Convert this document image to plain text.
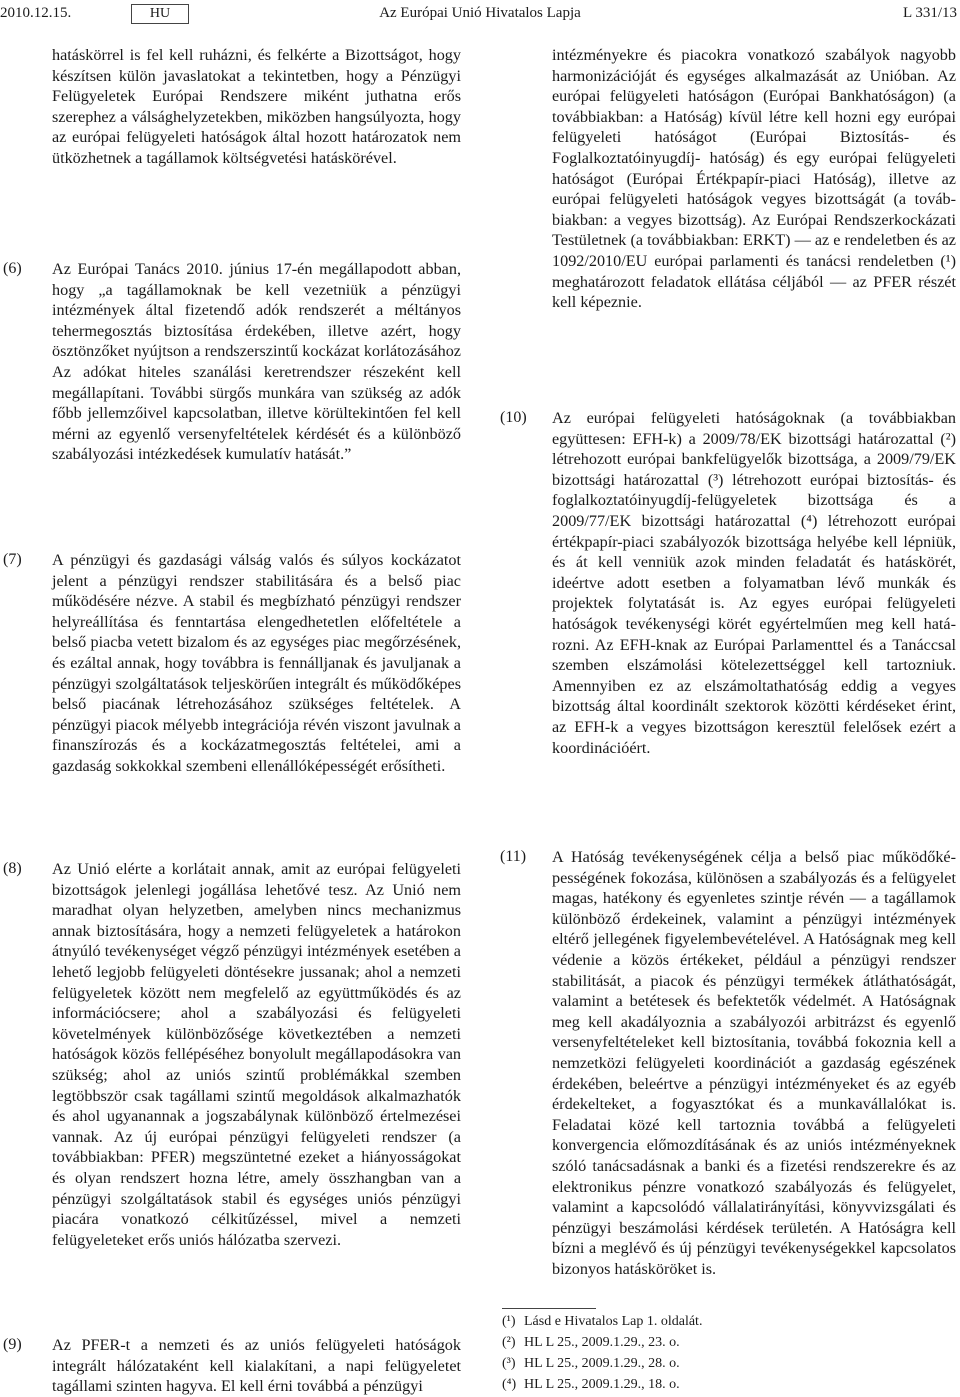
2010.12.15.	HU	Az Európai Unió Hivatalos Lapja	L 331/13
hatáskörrel is fel kell ruházni, és felkérte a Bizottságot, hogy készítsen külön javaslatokat a tekintetben, hogy a Pénzügyi Felügyeletek Európai Rendszere miként juthatna erős szerephez a válsághelyzetekben, miközben hangsúlyozta, hogy az európai felügyeleti hatóságok által hozott határozatok nem ütközhetnek a tagállamok költségvetési hatáskörével.
(6) Az Európai Tanács 2010. június 17-én megállapodott abban, hogy „a tagállamoknak be kell vezetniük a pénzügyi intézmények által fizetendő adók rendszerét a méltányos tehermegosztás biztosítása érdekében, illetve azért, hogy ösztönzőket nyújtson a rendszerszintű kockázat korlátozásához Az adókat hiteles szanálási keretrendszer részeként kell megállapítani. További sürgős munkára van szükség az adók főbb jellemzőivel kapcsolatban, illetve körültekintően fel kell mérni az egyenlő versenyfeltételek kérdését és a különböző szabályozási intézkedések kumulatív hatását.”
(7) A pénzügyi és gazdasági válság valós és súlyos kockázatot jelent a pénzügyi rendszer stabilitására és a belső piac működésére nézve. A stabil és megbízható pénzügyi rendszer helyreállítása és fenntartása elengedhetetlen előfeltétele a belső piacba vetett bizalom és az egységes piac megőrzésének, és ezáltal annak, hogy továbbra is fennálljanak és javuljanak a pénzügyi szolgáltatások teljeskörűen integrált és működőképes belső piacának létrehozásához szükséges feltételek. A pénzügyi piacok mélyebb integrációja révén viszont javulnak a finanszírozás és a kockázatmegosztás feltételei, ami a gazdaság sokkokkal szembeni ellenállóképességét erősítheti.
(8) Az Unió elérte a korlátait annak, amit az európai felügyeleti bizottságok jelenlegi jogállása lehetővé tesz. Az Unió nem maradhat olyan helyzetben, amelyben nincs mechanizmus annak biztosítására, hogy a nemzeti felügyeletek a határokon átnyúló tevékenységet végző pénzügyi intézmények esetében a lehető legjobb felügyeleti döntésekre jussanak; ahol a nemzeti felügyeletek között nem megfelelő az együttműködés és az információcsere; ahol a szabályozási és felügyeleti követelmények különbözősége következtében a nemzeti hatóságok közös fellépéséhez bonyolult megállapodásokra van szükség; ahol az uniós szintű problémákkal szemben legtöbbször csak tagállami szintű megoldások alkalmazhatók és ahol ugyanannak a jogszabálynak különböző értelmezései vannak. Az új európai pénzügyi felügyeleti rendszer (a továbbiakban: PFER) megszüntetné ezeket a hiányosságokat és olyan rendszert hozna létre, amely összhangban van a pénzügyi szolgáltatások stabil és egységes uniós pénzügyi piacára vonatkozó célkitűzéssel, mivel a nemzeti felügyeleteket erős uniós hálózatba szervezi.
(9) Az PFER-t a nemzeti és az uniós felügyeleti hatóságok integrált hálózataként kell kialakítani, a napi felügyeletet tagállami szinten hagyva. El kell érni továbbá a pénzügyi
intézményekre és piacokra vonatkozó szabályok nagyobb harmonizációját és egységes alkalmazását az Unióban. Az európai felügyeleti hatóságon (Európai Bankhatóságon) (a továbbiakban: a Hatóság) kívül létre kell hozni egy európai felügyeleti hatóságot (Európai Biztosítás- és Foglalkoztatóinyugdíj- hatóság) és egy európai felügyeleti hatóságot (Európai Értékpapír-piaci Hatóság), illetve az európai felügyeleti hatóságok vegyes bizottságát (a továbbiakban: a vegyes bizottság). Az Európai Rendszerkockázati Testületnek (a továbbiakban: ERKT) — az e rendeletben és az 1092/2010/EU európai parlamenti és tanácsi rendeletben (¹) meghatározott feladatok ellátása céljából — az PFER részét kell képeznie.
(10) Az európai felügyeleti hatóságoknak (a továbbiakban együttesen: EFH-k) a 2009/78/EK bizottsági határozattal (²) létrehozott európai bankfelügyelők bizottsága, a 2009/79/EK bizottsági határozattal (³) létrehozott európai biztosítás- és foglalkoztatóinyugdíj-felügyeletek bizottsága és a 2009/77/EK bizottsági határozattal (⁴) létrehozott európai értékpapír-piaci szabályozók bizottsága helyébe kell lépniük, és át kell venniük azok minden feladatát és hatáskörét, ideértve adott esetben a folyamatban lévő munkák és projektek folytatását is. Az egyes európai felügyeleti hatóságok tevékenységi körét egyértelműen meg kell határozni. Az EFH-knak az Európai Parlamenttel és a Tanáccsal szemben elszámolási kötelezettséggel kell tartozniuk. Amennyiben ez az elszámoltathatóság eddig a vegyes bizottság által koordinált szektorok közötti kérdéseket érint, az EFH-k a vegyes bizottságon keresztül felelősek ezért a koordinációért.
(11) A Hatóság tevékenységének célja a belső piac működőképességének fokozása, különösen a szabályozás és a felügyelet magas, hatékony és egyenletes szintje révén — a tagállamok különböző érdekeinek, valamint a pénzügyi intézmények eltérő jellegének figyelembevételével. A Hatóságnak meg kell védenie a közös értékeket, például a pénzügyi rendszer stabilitását, a piacok és pénzügyi termékek átláthatóságát, valamint a betétesek és befektetők védelmét. A Hatóságnak meg kell akadályoznia a szabályozói arbitrázst és egyenlő versenyfeltételeket kell biztosítania, továbbá fokoznia kell a nemzetközi felügyeleti koordinációt a gazdaság egészének érdekében, beleértve a pénzügyi intézményeket és az egyéb érdekelteket, a fogyasztókat és a munkavállalókat is. Feladatai közé kell tartoznia továbbá a felügyeleti konvergencia előmozdításának és az uniós intézményeknek szóló tanácsadásnak a banki és a fizetési rendszerekre és az elektronikus pénzre vonatkozó szabályozás és felügyelet, valamint a kapcsolódó vállalatirányítási, könyvvizsgálati és pénzügyi beszámolási kérdések területén. A Hatóságra kell bízni a meglévő és új pénzügyi tevékenységekkel kapcsolatos bizonyos hatásköröket is.
(¹) Lásd e Hivatalos Lap 1. oldalát.
(²) HL L 25., 2009.1.29., 23. o.
(³) HL L 25., 2009.1.29., 28. o.
(⁴) HL L 25., 2009.1.29., 18. o.
